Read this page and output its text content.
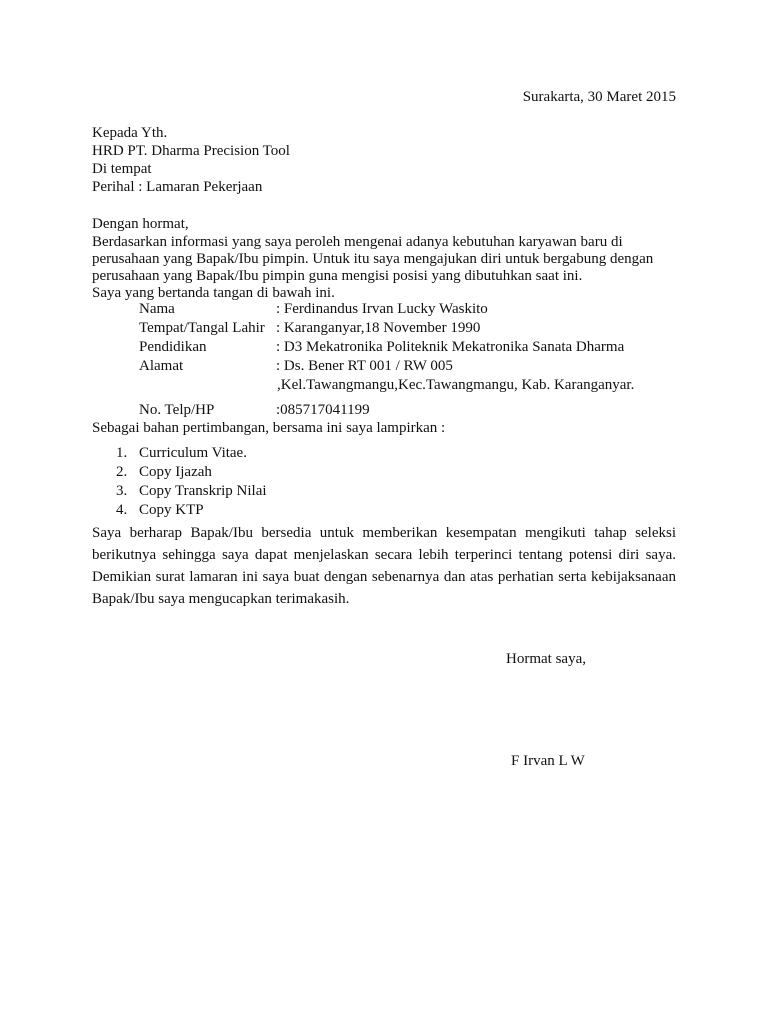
Surakarta, 30 Maret 2015
Kepada Yth.
HRD PT. Dharma Precision Tool
Di tempat
Perihal : Lamaran Pekerjaan
Dengan hormat,
Berdasarkan informasi yang saya peroleh mengenai adanya kebutuhan karyawan baru di
perusahaan yang Bapak/Ibu pimpin. Untuk itu saya mengajukan diri untuk bergabung dengan
perusahaan yang Bapak/Ibu pimpin guna mengisi posisi yang dibutuhkan saat ini.
Saya yang bertanda tangan di bawah ini.
Nama	: Ferdinandus Irvan Lucky Waskito
Tempat/Tangal Lahir : Karanganyar,18 November 1990
Pendidikan	: D3 Mekatronika Politeknik Mekatronika Sanata Dharma
Alamat	: Ds. Bener RT 001 / RW 005
,Kel.Tawangmangu,Kec.Tawangmangu, Kab. Karanganyar.
No. Telp/HP	:085717041199
Sebagai bahan pertimbangan, bersama ini saya lampirkan :
1. Curriculum Vitae.
2. Copy Ijazah
3. Copy Transkrip Nilai
4. Copy KTP
Saya berharap Bapak/Ibu bersedia untuk memberikan kesempatan mengikuti tahap seleksi
berikutnya sehingga saya dapat menjelaskan secara lebih terperinci tentang potensi diri saya.
Demikian surat lamaran ini saya buat dengan sebenarnya dan atas perhatian serta kebijaksanaan
Bapak/Ibu saya mengucapkan terimakasih.
Hormat saya,
F Irvan L W
